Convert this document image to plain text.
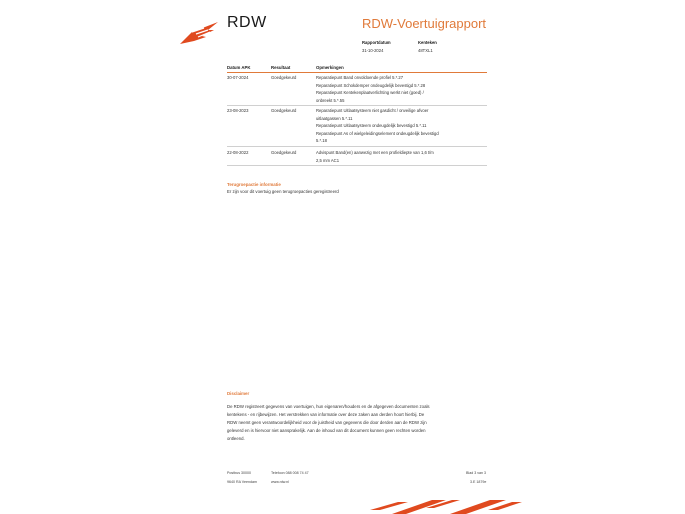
RDW	RDW-Voertuigrapport
Rapportdatum
31-10-2024
Kenteken
48TXL1
Datum APK	Resultaat	Opmerkingen
30-07-2024	Goedgekeurd	Reparatiepunt Band onvoldoende profiel 5.*.27
Reparatiepunt Schokdemper ondeugdelijk bevestigd 5.*.28
Reparatiepunt Kentekenplaatverlichting werkt niet (goed) /
onbreekt 5.*.55
23-08-2023	Goedgekeurd	Reparatiepunt Uitlaatsysteem niet gasdicht / onveilige afvoer
uitlaatgassen 5.*.11
Reparatiepunt Uitlaatsysteem ondeugdelijk bevestigd 5.*.11
Reparatiepunt As of wielgeleidingselement ondeugdelijk bevestigd
5.*.18
22-08-2022	Goedgekeurd	Advispunt Band(en) aanwezig met een profieldiepte van 1,6 t/m
2,5 mm AC1
Terugroepactie informatie
Er zijn voor dit voertuig geen terugroepacties geregistreerd
Disclaimer
De RDW registreert gegevens van voertuigen, hun eigenaren/houders en de afgegeven documenten zoals
kentekens - en rijbewijzen. Het verstrekken van informatie over deze zaken aan derden hoort hierbij. De
RDW neemt geen verantwoordelijkheid voor de juistheid van gegevens die door derden aan de RDW zijn
geleverd en is hiervoor niet aansprakelijk. Aan de inhoud van dit document kunnen geen rechten worden
ontleend.
Postbus 30000
9640 RA Veendam
Telefoon 088 008 74 47
www.rdw.nl
Blad 3 van 3
3.E 1879e
